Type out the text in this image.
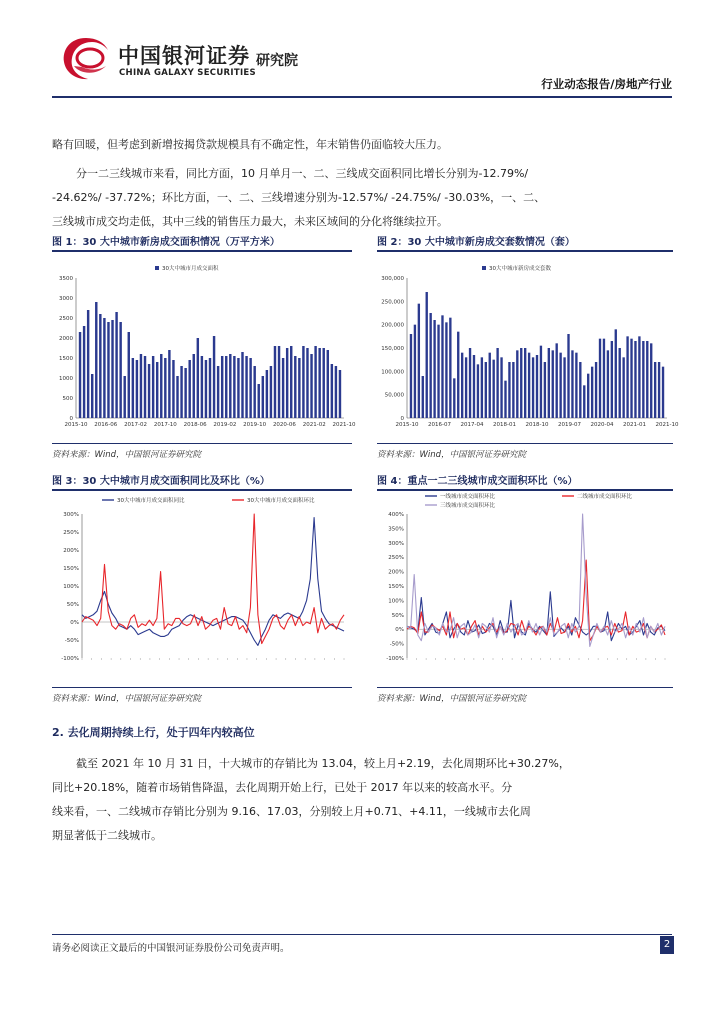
中国银河证券
CHINA GALAXY SECURITIES
研究院
行业动态报告/房地产行业
略有回暖，但考虑到新增按揭贷款规模具有不确定性，年末销售仍面临较大压力。
分一二三线城市来看，同比方面，10 月单月一、二、三线成交面积同比增长分别为-12.79%/
-24.62%/ -37.72%；环比方面，一、二、三线增速分别为-12.57%/ -24.75%/ -30.03%，一、二、
三线城市成交均走低，其中三线的销售压力最大，未来区域间的分化将继续拉开。
图 1：30 大中城市新房成交面积情况（万平方米）	图 2：30 大中城市新房成交套数情况（套）
0
500
1000
1500
2000
2500
3000
3500
30大中城市月成交面积
2015-10 2016-06 2017-02 2017-10 2018-06 2019-02 2019-10 2020-06 2021-02 2021-10
0
50,000
100,000
150,000
200,000
250,000
300,000
30大中城市新房成交套数
2015-10 2016-07 2017-04 2018-01 2018-10 2019-07 2020-04 2021-01 2021-10
资料来源：Wind，中国银河证券研究院	资料来源：Wind，中国银河证券研究院
图 3：30 大中城市月成交面积同比及环比（%）	图 4：重点一二三线城市成交面积环比（%）
300%
250%
200%
150%
100%
50%
0%
-50%
-100%
30大中城市月成交面积同比	30大中城市月成交面积环比
400%
350%
300%
250%
200%
150%
100%
50%
0%
-50%
-100%
一线城市成交面积环比	二线城市成交面积环比
三线城市成交面积环比
资料来源：Wind，中国银河证券研究院	资料来源：Wind，中国银河证券研究院
2. 去化周期持续上行，处于四年内较高位
截至 2021 年 10 月 31 日，十大城市的存销比为 13.04，较上月+2.19，去化周期环比+30.27%，
同比+20.18%，随着市场销售降温，去化周期开始上行，已处于 2017 年以来的较高水平。分
线来看，一、二线城市存销比分别为 9.16、17.03，分别较上月+0.71、+4.11，一线城市去化周
期显著低于二线城市。
请务必阅读正文最后的中国银河证券股份公司免责声明。	2
